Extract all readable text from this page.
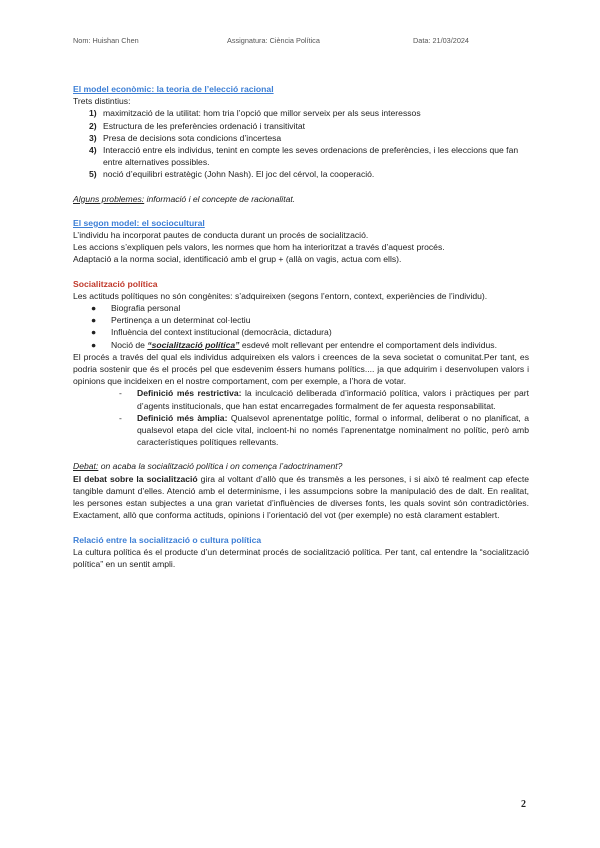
Nom: Huishan Chen	Assignatura: Ciència Política	Data: 21/03/2024

El model econòmic: la teoria de l’elecció racional

Trets distintius:

1) maximització de la utilitat: hom tria l’opció que millor serveix per als seus interessos
2) Estructura de les preferències ordenació i transitivitat
3) Presa de decisions sota condicions d’incertesa
4) Interacció entre els individus, tenint en compte les seves ordenacions de preferències, i les eleccions que fan entre alternatives possibles.
5) noció d’equilibri estratègic (John Nash). El joc del cérvol, la cooperació.

Alguns problemes: informació i el concepte de racionalitat.

El segon model: el sociocultural

L’individu ha incorporat pautes de conducta durant un procés de socialització.

Les accions s’expliquen pels valors, les normes que hom ha interioritzat a través d’aquest procés.

Adaptació a la norma social, identificació amb el grup + (allà on vagis, actua com ells).

Socialització política

Les actituds polítiques no són congènites: s’adquireixen (segons l’entorn, context, experiències de l’individu).

● Biografia personal
● Pertinença a un determinat col·lectiu
● Influència del context institucional (democràcia, dictadura)
● Noció de “socialització política” esdevé molt rellevant per entendre el comportament dels individus.

El procés a través del qual els individus adquireixen els valors i creences de la seva societat o comunitat.Per tant, es podria sostenir que és el procés pel que esdevenim éssers humans polítics.... ja que adquirim i desenvolupen valors i opinions que incideixen en el nostre comportament, com per exemple, a l’hora de votar.

- Definició més restrictiva: la inculcació deliberada d’informació política, valors i pràctiques per part d’agents institucionals, que han estat encarregades formalment de fer aquesta responsabilitat.
- Definició més àmplia: Qualsevol aprenentatge polític, formal o informal, deliberat o no planificat, a qualsevol etapa del cicle vital, incloent-hi no només l’aprenentatge nominalment no polític, però amb característiques polítiques rellevants.

Debat: on acaba la socialització política i on comença l’adoctrinament?

El debat sobre la socialització gira al voltant d’allò que és transmès a les persones, i si això té realment cap efecte tangible damunt d’elles. Atenció amb el determinisme, i les assumpcions sobre la manipulació des de dalt. En realitat, les persones estan subjectes a una gran varietat d’influències de diverses fonts, les quals sovint són contradictòries. Exactament, allò que conforma actituds, opinions i l’orientació del vot (per exemple) no està clarament establert.

Relació entre la socialització o cultura política

La cultura política és el producte d’un determinat procés de socialització política. Per tant, cal entendre la “socialització política” en un sentit ampli.

2
